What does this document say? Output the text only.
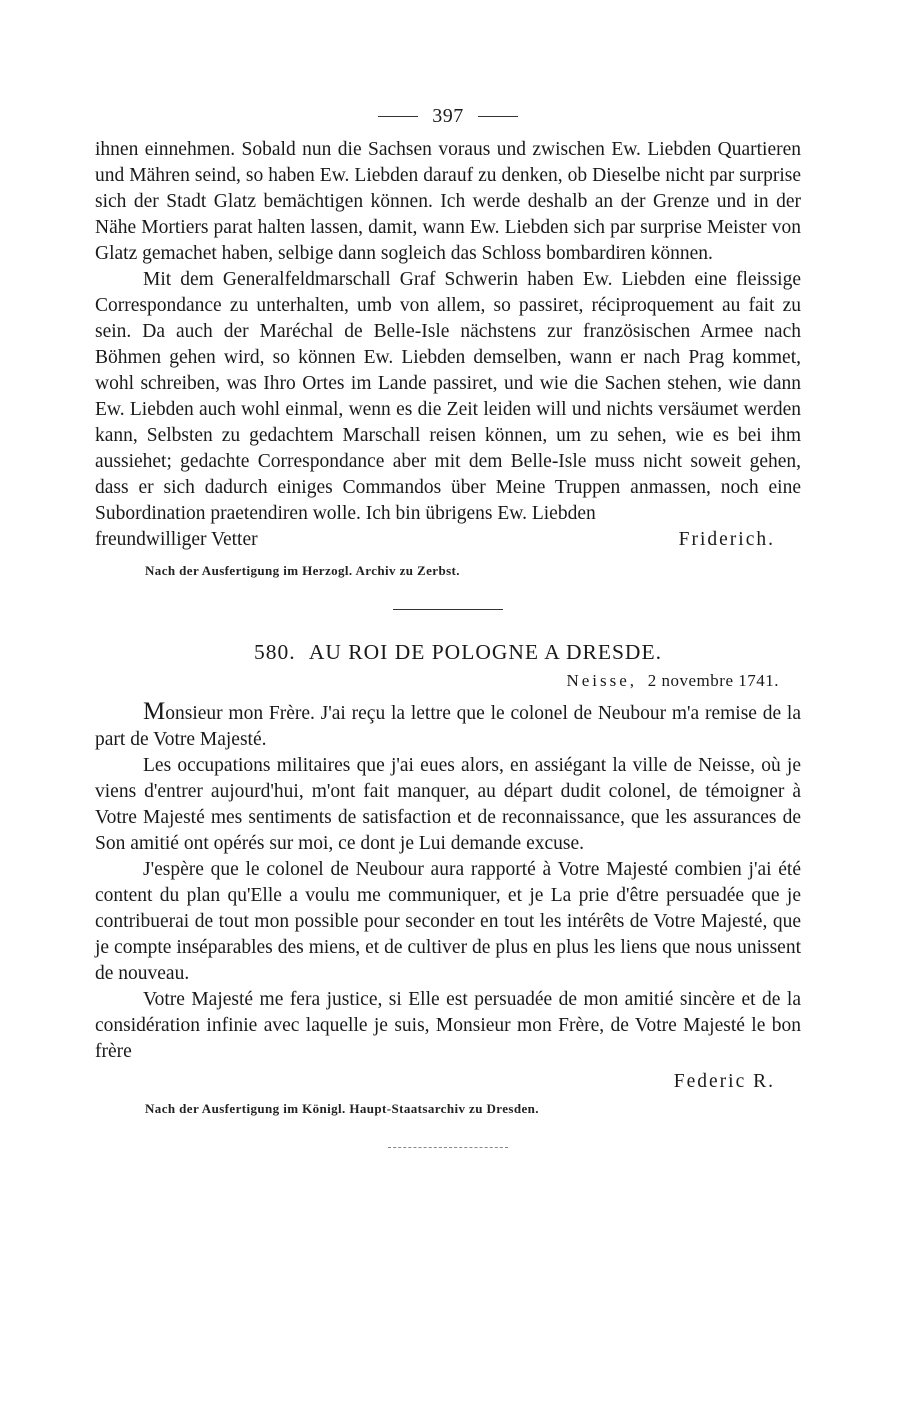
397

ihnen einnehmen. Sobald nun die Sachsen voraus und zwischen Ew. Liebden Quartieren und Mähren seind, so haben Ew. Liebden darauf zu denken, ob Dieselbe nicht par surprise sich der Stadt Glatz bemächtigen können. Ich werde deshalb an der Grenze und in der Nähe Mortiers parat halten lassen, damit, wann Ew. Liebden sich par surprise Meister von Glatz gemachet haben, selbige dann sogleich das Schloss bombardiren können.

Mit dem Generalfeldmarschall Graf Schwerin haben Ew. Liebden eine fleissige Correspondance zu unterhalten, umb von allem, so passiret, réciproquement au fait zu sein. Da auch der Maréchal de Belle-Isle nächstens zur französischen Armee nach Böhmen gehen wird, so können Ew. Liebden demselben, wann er nach Prag kommet, wohl schreiben, was Ihro Ortes im Lande passiret, und wie die Sachen stehen, wie dann Ew. Liebden auch wohl einmal, wenn es die Zeit leiden will und nichts versäumet werden kann, Selbsten zu gedachtem Marschall reisen können, um zu sehen, wie es bei ihm aussiehet; gedachte Correspondance aber mit dem Belle-Isle muss nicht soweit gehen, dass er sich dadurch einiges Commandos über Meine Truppen anmassen, noch eine Subordination praetendiren wolle. Ich bin übrigens Ew. Liebden

freundwilliger Vetter	Friderich.
Nach der Ausfertigung im Herzogl. Archiv zu Zerbst.
580. AU ROI DE POLOGNE A DRESDE.
Neisse, 2 novembre 1741.

Monsieur mon Frère. J'ai reçu la lettre que le colonel de Neubour m'a remise de la part de Votre Majesté.

Les occupations militaires que j'ai eues alors, en assiégant la ville de Neisse, où je viens d'entrer aujourd'hui, m'ont fait manquer, au départ dudit colonel, de témoigner à Votre Majesté mes sentiments de satisfaction et de reconnaissance, que les assurances de Son amitié ont opérés sur moi, ce dont je Lui demande excuse.

J'espère que le colonel de Neubour aura rapporté à Votre Majesté combien j'ai été content du plan qu'Elle a voulu me communiquer, et je La prie d'être persuadée que je contribuerai de tout mon possible pour seconder en tout les intérêts de Votre Majesté, que je compte inséparables des miens, et de cultiver de plus en plus les liens que nous unissent de nouveau.

Votre Majesté me fera justice, si Elle est persuadée de mon amitié sincère et de la considération infinie avec laquelle je suis, Monsieur mon Frère, de Votre Majesté le bon frère

Federic R.
Nach der Ausfertigung im Königl. Haupt-Staatsarchiv zu Dresden.
